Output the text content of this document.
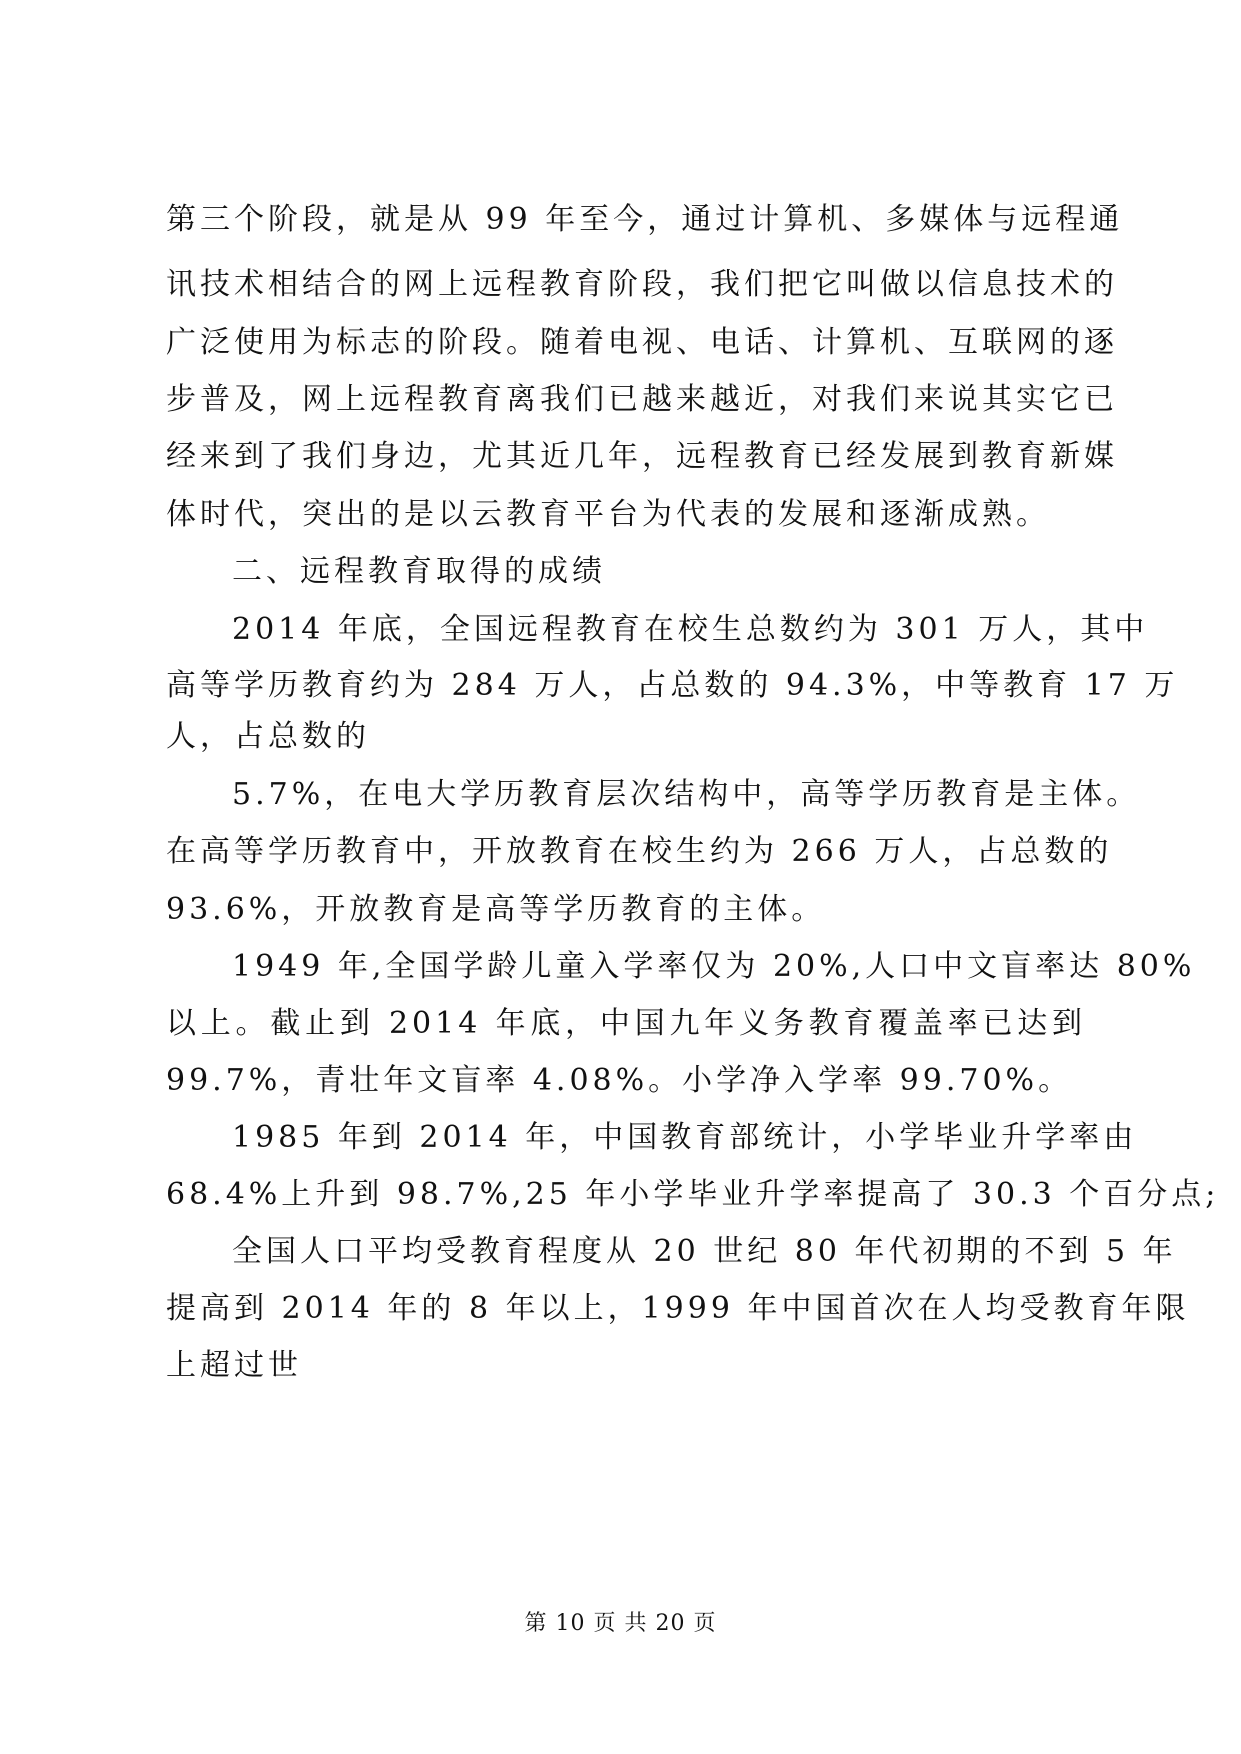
第三个阶段，就是从 99 年至今，通过计算机、多媒体与远程通
讯技术相结合的网上远程教育阶段，我们把它叫做以信息技术的
广泛使用为标志的阶段。随着电视、电话、计算机、互联网的逐
步普及，网上远程教育离我们已越来越近，对我们来说其实它已
经来到了我们身边，尤其近几年，远程教育已经发展到教育新媒
体时代，突出的是以云教育平台为代表的发展和逐渐成熟。
二、远程教育取得的成绩
2014 年底，全国远程教育在校生总数约为 301 万人，其中
高等学历教育约为 284 万人，占总数的 94.3%，中等教育 17 万
人，占总数的
5.7%，在电大学历教育层次结构中，高等学历教育是主体。
在高等学历教育中，开放教育在校生约为 266 万人，占总数的
93.6%，开放教育是高等学历教育的主体。
1949 年,全国学龄儿童入学率仅为 20%,人口中文盲率达 80%
以上。截止到 2014 年底，中国九年义务教育覆盖率已达到
99.7%，青壮年文盲率 4.08%。小学净入学率 99.70%。
1985 年到 2014 年，中国教育部统计，小学毕业升学率由
68.4%上升到 98.7%,25 年小学毕业升学率提高了 30.3 个百分点;
全国人口平均受教育程度从 20 世纪 80 年代初期的不到 5 年
提高到 2014 年的 8 年以上，1999 年中国首次在人均受教育年限
上超过世
第 10 页 共 20 页
